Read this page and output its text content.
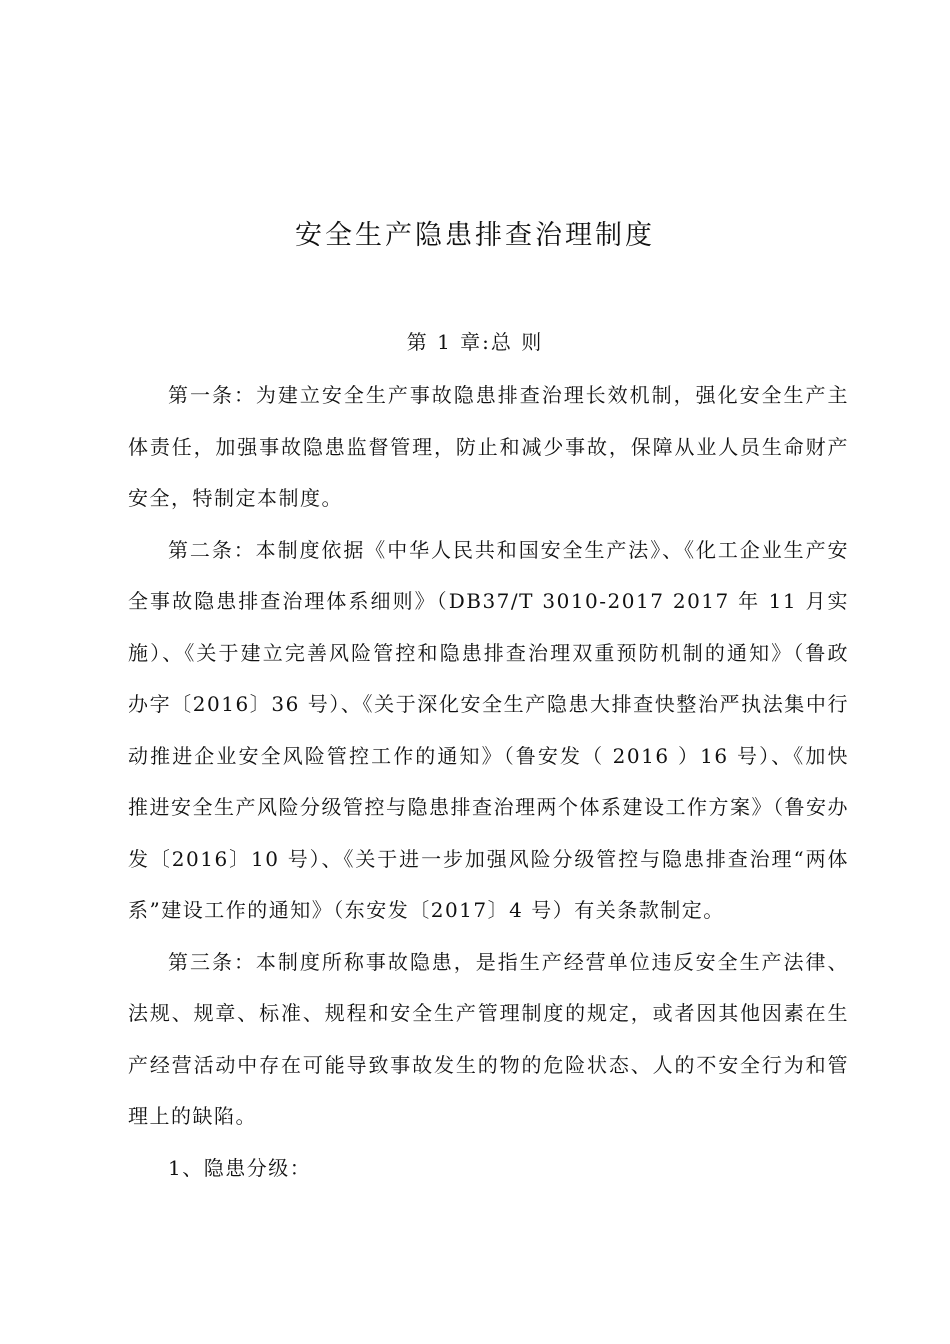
安全生产隐患排查治理制度
第 1 章:总 则

第一条：为建立安全生产事故隐患排查治理长效机制，强化安全生产主体责任，加强事故隐患监督管理，防止和减少事故，保障从业人员生命财产安全，特制定本制度。

第二条：本制度依据《中华人民共和国安全生产法》、《化工企业生产安全事故隐患排查治理体系细则》（DB37/T 3010-2017 2017 年 11 月实施）、《关于建立完善风险管控和隐患排查治理双重预防机制的通知》（鲁政办字〔2016〕36 号）、《关于深化安全生产隐患大排查快整治严执法集中行动推进企业安全风险管控工作的通知》（鲁安发（ 2016 ）16 号）、《加快推进安全生产风险分级管控与隐患排查治理两个体系建设工作方案》（鲁安办发〔2016〕10 号）、《关于进一步加强风险分级管控与隐患排查治理“两体系”建设工作的通知》（东安发〔2017〕4 号）有关条款制定。

第三条：本制度所称事故隐患，是指生产经营单位违反安全生产法律、法规、规章、标准、规程和安全生产管理制度的规定，或者因其他因素在生产经营活动中存在可能导致事故发生的物的危险状态、人的不安全行为和管理上的缺陷。

1、隐患分级：
